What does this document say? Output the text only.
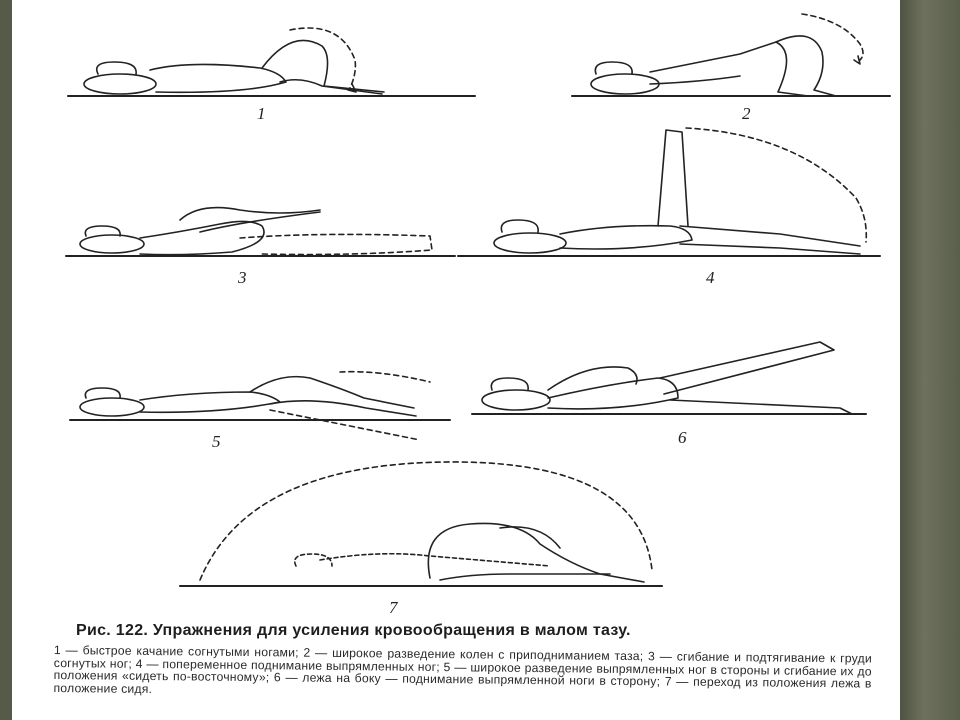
1	2
3	4
5	6
7
Рис. 122. Упражнения для усиления кровообращения в малом тазу.
1 — быстрое качание согнутыми ногами; 2 — широкое разведение колен с приподниманием таза; 3 — сгибание и подтягивание к груди согнутых ног; 4 — попеременное поднимание выпрямленных ног; 5 — широкое разведение выпрямленных ног в стороны и сгибание их до положения «сидеть по-восточному»; 6 — лежа на боку — поднимание выпрямленной ноги в сторону; 7 — переход из положения лежа в положение сидя.
